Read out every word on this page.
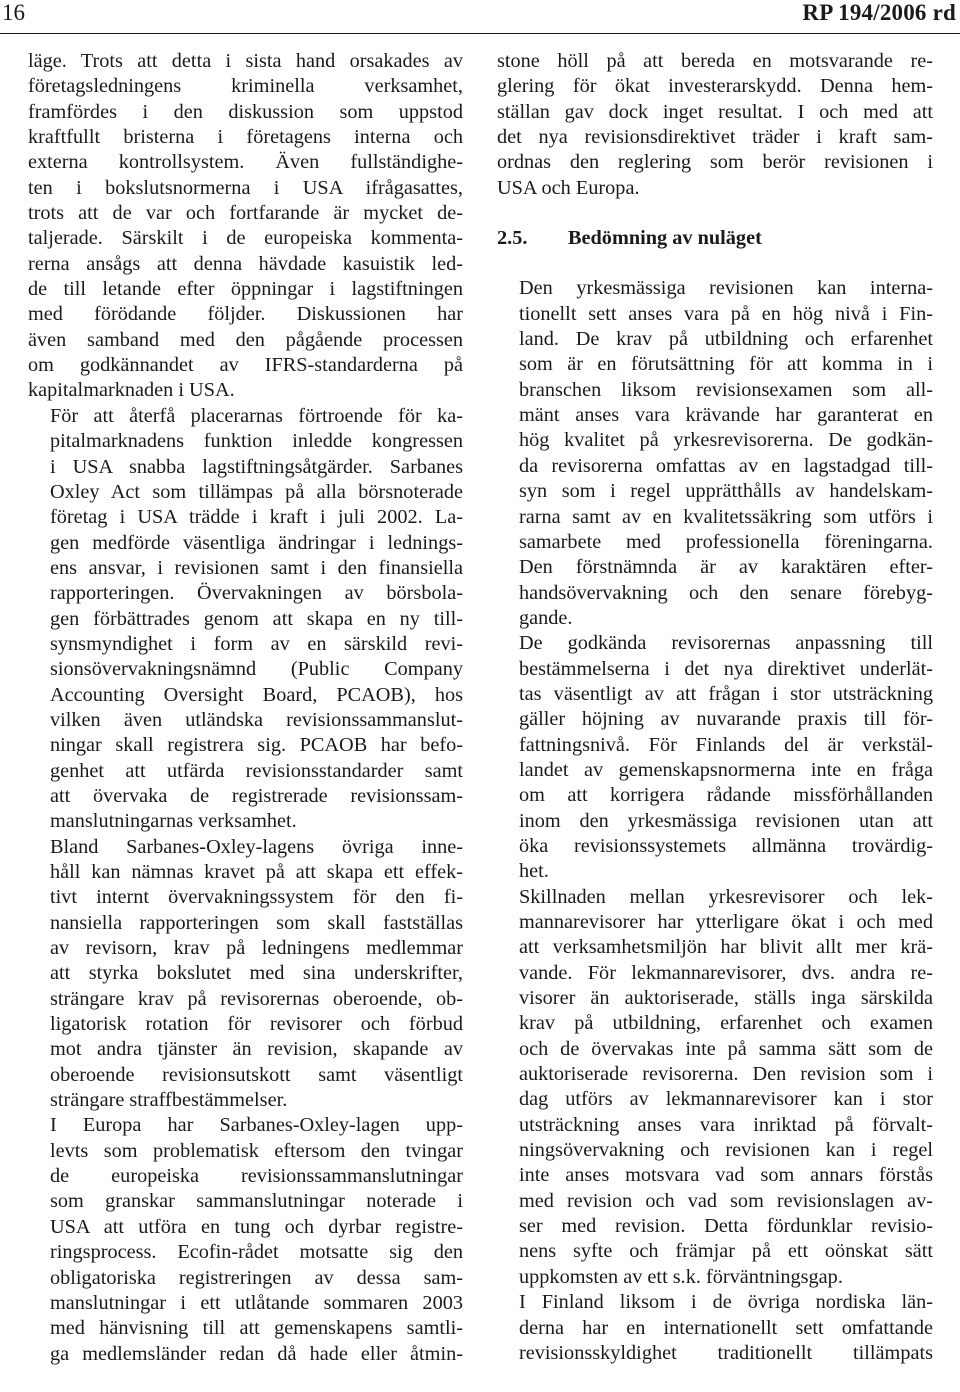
16	RP 194/2006 rd

läge. Trots att detta i sista hand orsakades av
företagsledningens kriminella verksamhet,
framfördes i den diskussion som uppstod
kraftfullt bristerna i företagens interna och
externa kontrollsystem. Även fullständighe-
ten i bokslutsnormerna i USA ifrågasattes,
trots att de var och fortfarande är mycket de-
taljerade. Särskilt i de europeiska kommenta-
rerna ansågs att denna hävdade kasuistik led-
de till letande efter öppningar i lagstiftningen
med förödande följder. Diskussionen har
även samband med den pågående processen
om godkännandet av IFRS-standarderna på
kapitalmarknaden i USA.

För att återfå placerarnas förtroende för ka-
pitalmarknadens funktion inledde kongressen
i USA snabba lagstiftningsåtgärder. Sarbanes
Oxley Act som tillämpas på alla börsnoterade
företag i USA trädde i kraft i juli 2002. La-
gen medförde väsentliga ändringar i lednings-
ens ansvar, i revisionen samt i den finansiella
rapporteringen. Övervakningen av börsbola-
gen förbättrades genom att skapa en ny till-
synsmyndighet i form av en särskild revi-
sionsövervakningsnämnd (Public Company
Accounting Oversight Board, PCAOB), hos
vilken även utländska revisionssammanslut-
ningar skall registrera sig. PCAOB har befo-
genhet att utfärda revisionsstandarder samt
att övervaka de registrerade revisionssam-
manslutningarnas verksamhet.

Bland Sarbanes-Oxley-lagens övriga inne-
håll kan nämnas kravet på att skapa ett effek-
tivt internt övervakningssystem för den fi-
nansiella rapporteringen som skall fastställas
av revisorn, krav på ledningens medlemmar
att styrka bokslutet med sina underskrifter,
strängare krav på revisorernas oberoende, ob-
ligatorisk rotation för revisorer och förbud
mot andra tjänster än revision, skapande av
oberoende revisionsutskott samt väsentligt
strängare straffbestämmelser.

I Europa har Sarbanes-Oxley-lagen upp-
levts som problematisk eftersom den tvingar
de europeiska revisionssammanslutningar
som granskar sammanslutningar noterade i
USA att utföra en tung och dyrbar registre-
ringsprocess. Ecofin-rådet motsatte sig den
obligatoriska registreringen av dessa sam-
manslutningar i ett utlåtande sommaren 2003
med hänvisning till att gemenskapens samtli-
ga medlemsländer redan då hade eller åtmin-

stone höll på att bereda en motsvarande re-
glering för ökat investerarskydd. Denna hem-
ställan gav dock inget resultat. I och med att
det nya revisionsdirektivet träder i kraft sam-
ordnas den reglering som berör revisionen i
USA och Europa.

2.5.	Bedömning av nuläget

Den yrkesmässiga revisionen kan interna-
tionellt sett anses vara på en hög nivå i Fin-
land. De krav på utbildning och erfarenhet
som är en förutsättning för att komma in i
branschen liksom revisionsexamen som all-
mänt anses vara krävande har garanterat en
hög kvalitet på yrkesrevisorerna. De godkän-
da revisorerna omfattas av en lagstadgad till-
syn som i regel upprätthålls av handelskam-
rarna samt av en kvalitetssäkring som utförs i
samarbete med professionella föreningarna.
Den förstnämnda är av karaktären efter-
handsövervakning och den senare förebyg-
gande.

De godkända revisorernas anpassning till
bestämmelserna i det nya direktivet underlät-
tas väsentligt av att frågan i stor utsträckning
gäller höjning av nuvarande praxis till för-
fattningsnivå. För Finlands del är verkstäl-
landet av gemenskapsnormerna inte en fråga
om att korrigera rådande missförhållanden
inom den yrkesmässiga revisionen utan att
öka revisionssystemets allmänna trovärdig-
het.

Skillnaden mellan yrkesrevisorer och lek-
mannarevisorer har ytterligare ökat i och med
att verksamhetsmiljön har blivit allt mer krä-
vande. För lekmannarevisorer, dvs. andra re-
visorer än auktoriserade, ställs inga särskilda
krav på utbildning, erfarenhet och examen
och de övervakas inte på samma sätt som de
auktoriserade revisorerna. Den revision som i
dag utförs av lekmannarevisorer kan i stor
utsträckning anses vara inriktad på förvalt-
ningsövervakning och revisionen kan i regel
inte anses motsvara vad som annars förstås
med revision och vad som revisionslagen av-
ser med revision. Detta fördunklar revisio-
nens syfte och främjar på ett oönskat sätt
uppkomsten av ett s.k. förväntningsgap.

I Finland liksom i de övriga nordiska län-
derna har en internationellt sett omfattande
revisionsskyldighet traditionellt tillämpats
